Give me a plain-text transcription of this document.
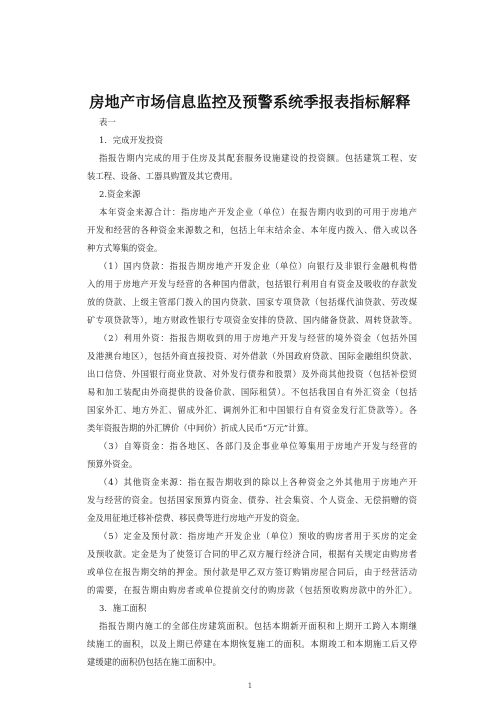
房地产市场信息监控及预警系统季报表指标解释
表一
1．完成开发投资
指报告期内完成的用于住房及其配套服务设施建设的投资额。包括建筑工程、安
装工程、设备、工器具购置及其它费用。
2.资金来源
本年资金来源合计：指房地产开发企业（单位）在报告期内收到的可用于房地产
开发和经营的各种资金来源数之和，包括上年末结余金、本年度内拨入、借入或以各
种方式筹集的资金。
（1）国内贷款：指报告期房地产开发企业（单位）向银行及非银行金融机构借
入的用于房地产开发与经营的各种国内借款，包括银行利用自有资金及吸收的存款发
放的贷款、上级主管部门拨入的国内贷款、国家专项贷款（包括煤代油贷款、劳改煤
矿专项贷款等），地方财政性银行专项资金安排的贷款、国内储备贷款、周转贷款等。
（2）利用外资：指报告期收到的用于房地产开发与经营的境外资金（包括外国
及港澳台地区），包括外商直接投资、对外借款（外国政府贷款、国际金融组织贷款、
出口信贷、外国银行商业贷款、对外发行债券和股票）及外商其他投资（包括补偿贸
易和加工装配由外商提供的设备价款、国际租赁）。不包括我国自有外汇资金（包括
国家外汇、地方外汇、留成外汇、调剂外汇和中国银行自有资金发行汇贷款等）。各
类年资报告期的外汇牌价（中间价）折成人民币“万元”计算。
（3）自筹资金：指各地区、各部门及企事业单位筹集用于房地产开发与经营的
预算外资金。
（4）其他资金来源：指在报告期收到的除以上各种资金之外其他用于房地产开
发与经营的资金。包括国家预算内资金、债券、社会集资、个人资金、无偿捐赠的资
金及用征地迁移补偿费、移民费等进行房地产开发的资金。
（5）定金及预付款：指房地产开发企业（单位）预收的购房者用于买房的定金
及预收款。定金是为了使签订合同的甲乙双方履行经济合同，根据有关规定由购房者
或单位在报告期交纳的押金。预付款是甲乙双方签订购销房屋合同后，由于经营活动
的需要，在报告期由购房者或单位提前交付的购房款（包括预收购房款中的外汇）。
3．施工面积
指报告期内施工的全部住房建筑面积。包括本期新开面积和上期开工跨入本期继
续施工的面积，以及上期已停建在本期恢复施工的面积。本期竣工和本期施工后又停
建缓建的面积仍包括在施工面积中。
1
